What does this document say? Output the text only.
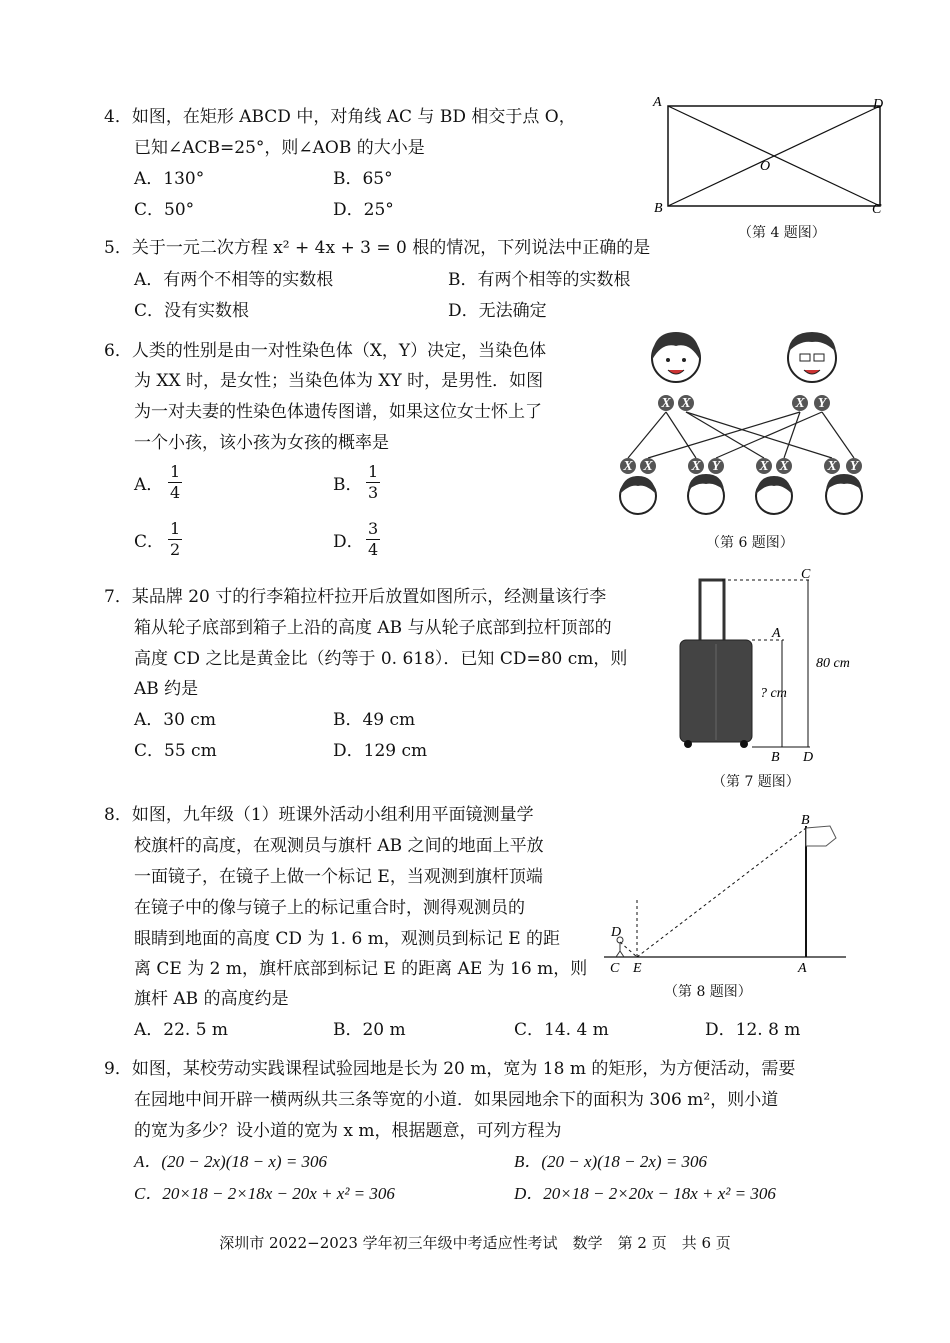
4．如图，在矩形 ABCD 中，对角线 AC 与 BD 相交于点 O，
已知∠ACB=25°，则∠AOB 的大小是
A．130°	B．65°
C．50°	D．25°
A	D
O
B	C
（第 4 题图）
5．关于一元二次方程 x² + 4x + 3 = 0 根的情况，下列说法中正确的是
A．有两个不相等的实数根	B．有两个相等的实数根
C．没有实数根	D．无法确定
6．人类的性别是由一对性染色体（X，Y）决定，当染色体
为 XX 时，是女性；当染色体为 XY 时，是男性．如图
为一对夫妻的性染色体遗传图谱，如果这位女士怀上了
一个小孩，该小孩为女孩的概率是
A． $\frac{1}{4}$	B． $\frac{1}{3}$
C． $\frac{1}{2}$	D． $\frac{3}{4}$
X X	X Y
X X	X Y	X X	X Y
（第 6 题图）
7．某品牌 20 寸的行李箱拉杆拉开后放置如图所示，经测量该行李
箱从轮子底部到箱子上沿的高度 AB 与从轮子底部到拉杆顶部的
高度 CD 之比是黄金比（约等于 0. 618）．已知 CD=80 cm，则
AB 约是
A．30 cm	B．49 cm
C．55 cm	D．129 cm
C
A
B D
80 cm
? cm
（第 7 题图）
8．如图，九年级（1）班课外活动小组利用平面镜测量学
校旗杆的高度，在观测员与旗杆 AB 之间的地面上平放
一面镜子，在镜子上做一个标记 E，当观测到旗杆顶端
在镜子中的像与镜子上的标记重合时，测得观测员的
眼睛到地面的高度 CD 为 1. 6 m，观测员到标记 E 的距
离 CE 为 2 m，旗杆底部到标记 E 的距离 AE 为 16 m，则
旗杆 AB 的高度约是
A．22. 5 m	B．20 m	C．14. 4 m	D．12. 8 m
B
D
C E	A
（第 8 题图）
9．如图，某校劳动实践课程试验园地是长为 20 m，宽为 18 m 的矩形，为方便活动，需要
在园地中间开辟一横两纵共三条等宽的小道．如果园地余下的面积为 306 m²，则小道
的宽为多少？设小道的宽为 x m，根据题意，可列方程为
A．(20 − 2x)(18 − x) = 306	B．(20 − x)(18 − 2x) = 306
C．20×18 − 2×18x − 20x + x² = 306	D．20×18 − 2×20x − 18x + x² = 306
深圳市 2022−2023 学年初三年级中考适应性考试　数学　第 2 页　共 6 页
